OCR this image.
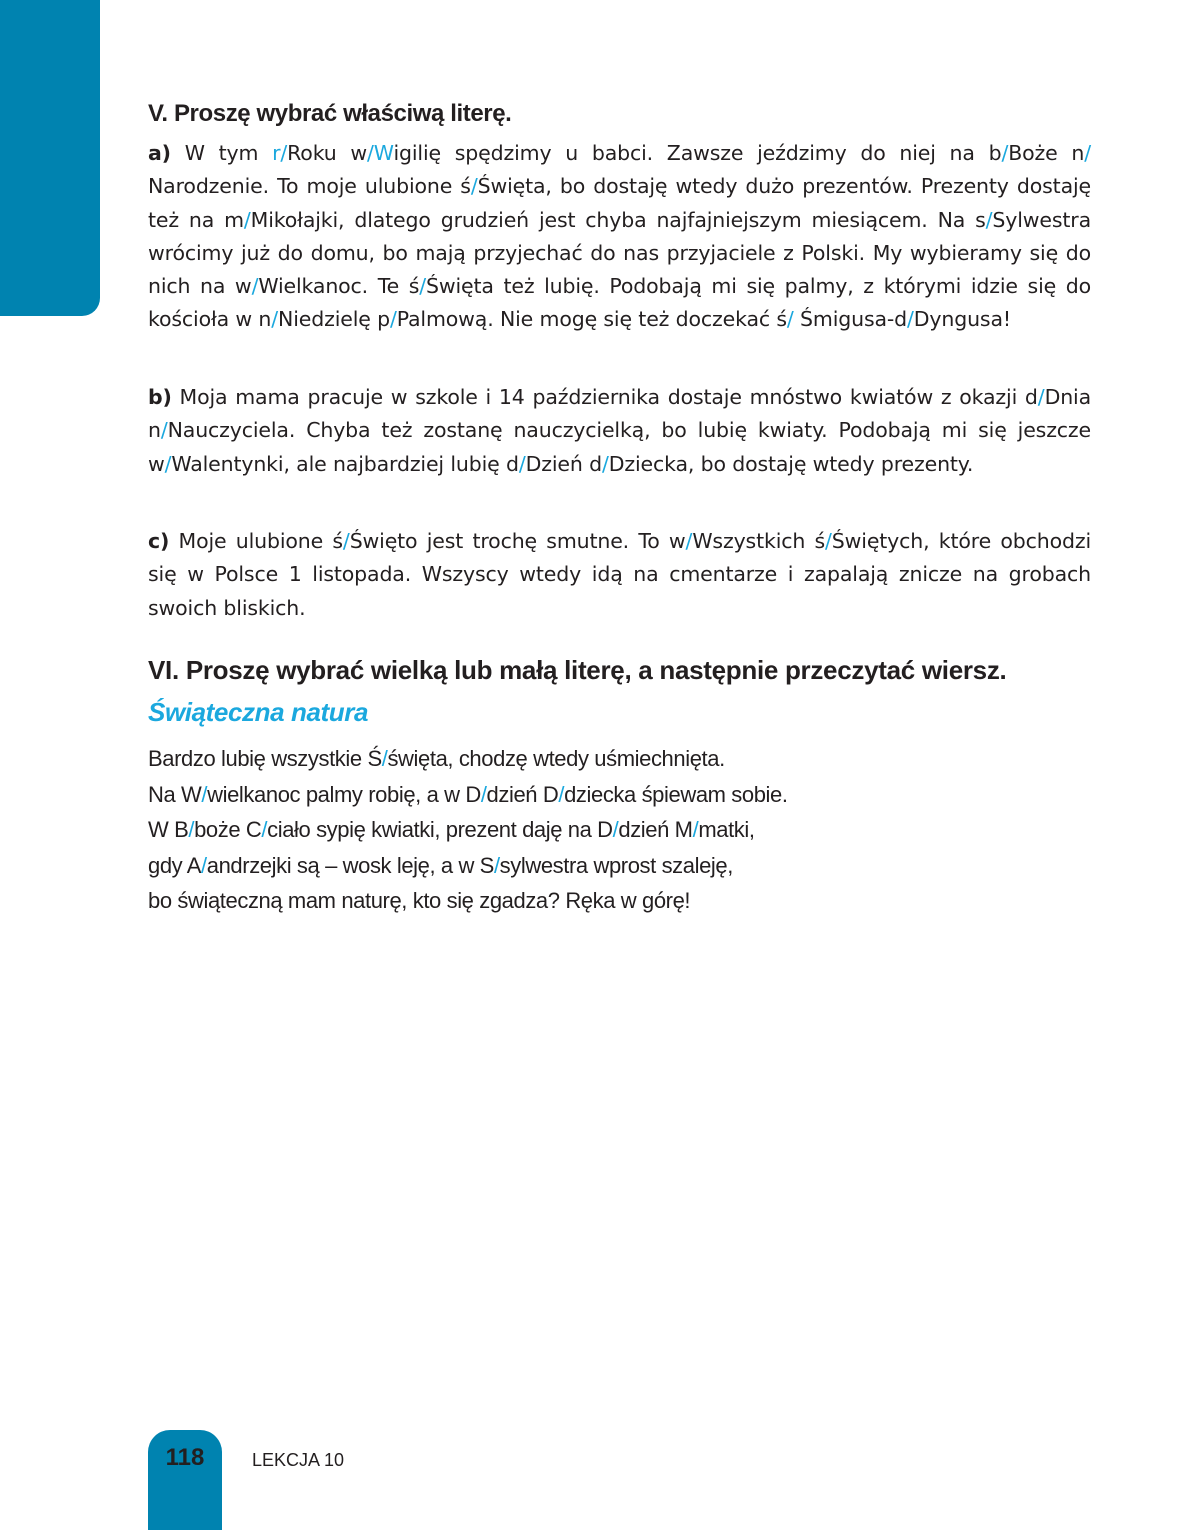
V. Proszę wybrać właściwą literę.

a) W tym r/Roku w/Wigilię spędzimy u babci. Zawsze jeździmy do niej na b/Boże n/ Narodzenie. To moje ulubione ś/Święta, bo dostaję wtedy dużo prezentów. Prezenty dostaję też na m/Mikołajki, dlatego grudzień jest chyba najfajniejszym miesiącem. Na s/Sylwestra wrócimy już do domu, bo mają przyjechać do nas przyjaciele z Polski. My wybieramy się do nich na w/Wielkanoc. Te ś/Święta też lubię. Podobają mi się palmy, z którymi idzie się do kościoła w n/Niedzielę p/Palmową. Nie mogę się też doczekać ś/ Śmigusa-d/Dyngusa!

b) Moja mama pracuje w szkole i 14 października dostaje mnóstwo kwiatów z okazji d/Dnia n/Nauczyciela. Chyba też zostanę nauczycielką, bo lubię kwiaty. Podobają mi się jeszcze w/Walentynki, ale najbardziej lubię d/Dzień d/Dziecka, bo dostaję wtedy prezenty.

c) Moje ulubione ś/Święto jest trochę smutne. To w/Wszystkich ś/Świętych, które obchodzi się w Polsce 1 listopada. Wszyscy wtedy idą na cmentarze i zapalają znicze na grobach swoich bliskich.

VI. Proszę wybrać wielką lub małą literę, a następnie przeczytać wiersz.
Świąteczna natura
Bardzo lubię wszystkie Ś/święta, chodzę wtedy uśmiechnięta.
Na W/wielkanoc palmy robię, a w D/dzień D/dziecka śpiewam sobie.
W B/boże C/ciało sypię kwiatki, prezent daję na D/dzień M/matki,
gdy A/andrzejki są – wosk leję, a w S/sylwestra wprost szaleję,
bo świąteczną mam naturę, kto się zgadza? Ręka w górę!
118	LEKCJA 10
